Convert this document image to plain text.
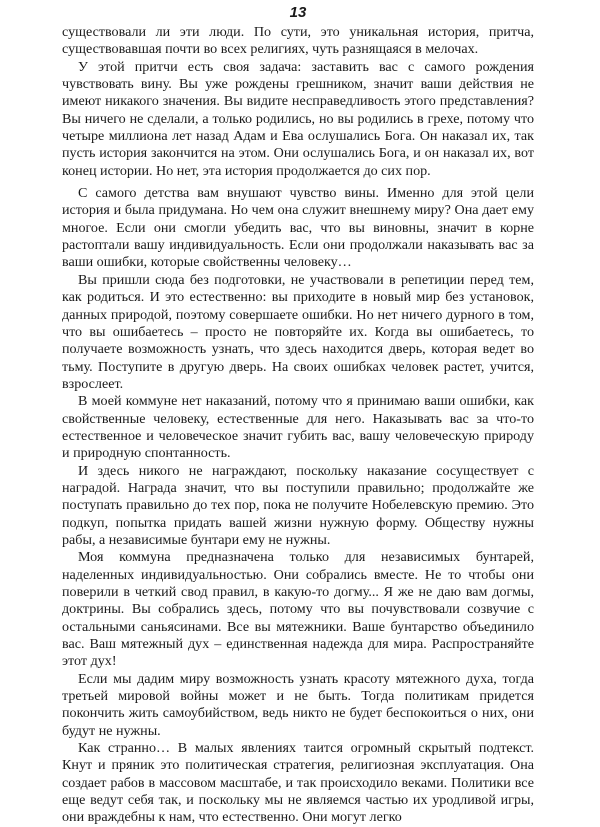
13

существовали ли эти люди. По сути, это уникальная история, притча, существовавшая почти во всех религиях, чуть разнящаяся в мелочах.

У этой притчи есть своя задача: заставить вас с самого рождения чувствовать вину. Вы уже рождены грешником, значит ваши действия не имеют никакого значения. Вы видите несправедливость этого представления? Вы ничего не сделали, а только родились, но вы родились в грехе, потому что четыре миллиона лет назад Адам и Ева ослушались Бога. Он наказал их, так пусть история закончится на этом. Они ослушались Бога, и он наказал их, вот конец истории. Но нет, эта история продолжается до сих пор.

С самого детства вам внушают чувство вины. Именно для этой цели история и была придумана. Но чем она служит внешнему миру? Она дает ему многое. Если они смогли убедить вас, что вы виновны, значит в корне растоптали вашу индивидуальность. Если они продолжали наказывать вас за ваши ошибки, которые свойственны человеку…

Вы пришли сюда без подготовки, не участвовали в репетиции перед тем, как родиться. И это естественно: вы приходите в новый мир без установок, данных природой, поэтому совершаете ошибки. Но нет ничего дурного в том, что вы ошибаетесь – просто не повторяйте их. Когда вы ошибаетесь, то получаете возможность узнать, что здесь находится дверь, которая ведет во тьму. Поступите в другую дверь. На своих ошибках человек растет, учится, взрослеет.

В моей коммуне нет наказаний, потому что я принимаю ваши ошибки, как свойственные человеку, естественные для него. Наказывать вас за что-то естественное и человеческое значит губить вас, вашу человеческую природу и природную спонтанность.

И здесь никого не награждают, поскольку наказание сосуществует с наградой. Награда значит, что вы поступили правильно; продолжайте же поступать правильно до тех пор, пока не получите Нобелевскую премию. Это подкуп, попытка придать вашей жизни нужную форму. Обществу нужны рабы, а независимые бунтари ему не нужны.

Моя коммуна предназначена только для независимых бунтарей, наделенных индивидуальностью. Они собрались вместе. Не то чтобы они поверили в четкий свод правил, в какую-то догму... Я же не даю вам догмы, доктрины. Вы собрались здесь, потому что вы почувствовали созвучие с остальными саньясинами. Все вы мятежники. Ваше бунтарство объединило вас. Ваш мятежный дух – единственная надежда для мира. Распространяйте этот дух!

Если мы дадим миру возможность узнать красоту мятежного духа, тогда третьей мировой войны может и не быть. Тогда политикам придется покончить жить самоубийством, ведь никто не будет беспокоиться о них, они будут не нужны.

Как странно… В малых явлениях таится огромный скрытый подтекст. Кнут и пряник это политическая стратегия, религиозная эксплуатация. Она создает рабов в массовом масштабе, и так происходило веками. Политики все еще ведут себя так, и поскольку мы не являемся частью их уродливой игры, они враждебны к нам, что естественно. Они могут легко
